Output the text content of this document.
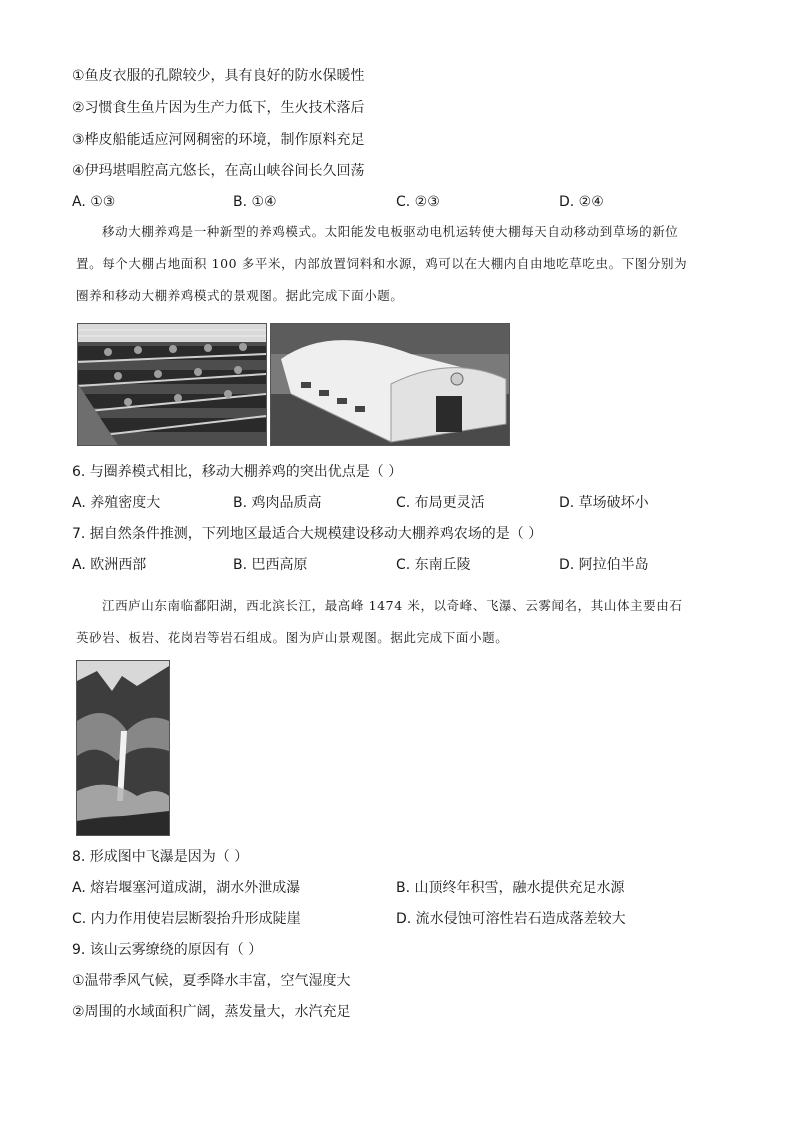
①鱼皮衣服的孔隙较少，具有良好的防水保暖性
②习惯食生鱼片因为生产力低下，生火技术落后
③桦皮船能适应河网稠密的环境，制作原料充足
④伊玛堪唱腔高亢悠长，在高山峡谷间长久回荡
A. ①③	B. ①④	C. ②③	D. ②④

移动大棚养鸡是一种新型的养鸡模式。太阳能发电板驱动电机运转使大棚每天自动移动到草场的新位

置。每个大棚占地面积 100 多平米，内部放置饲料和水源，鸡可以在大棚内自由地吃草吃虫。下图分别为

圈养和移动大棚养鸡模式的景观图。据此完成下面小题。

6. 与圈养模式相比，移动大棚养鸡的突出优点是（ ）
A. 养殖密度大	B. 鸡肉品质高	C. 布局更灵活	D. 草场破坏小
7. 据自然条件推测，下列地区最适合大规模建设移动大棚养鸡农场的是（ ）
A. 欧洲西部	B. 巴西高原	C. 东南丘陵	D. 阿拉伯半岛

江西庐山东南临鄱阳湖，西北滨长江，最高峰 1474 米，以奇峰、飞瀑、云雾闻名，其山体主要由石

英砂岩、板岩、花岗岩等岩石组成。图为庐山景观图。据此完成下面小题。

8. 形成图中飞瀑是因为（ ）
A. 熔岩堰塞河道成湖，湖水外泄成瀑	B. 山顶终年积雪，融水提供充足水源
C. 内力作用使岩层断裂抬升形成陡崖	D. 流水侵蚀可溶性岩石造成落差较大
9. 该山云雾缭绕的原因有（ ）
①温带季风气候，夏季降水丰富，空气湿度大
②周围的水域面积广阔，蒸发量大，水汽充足
